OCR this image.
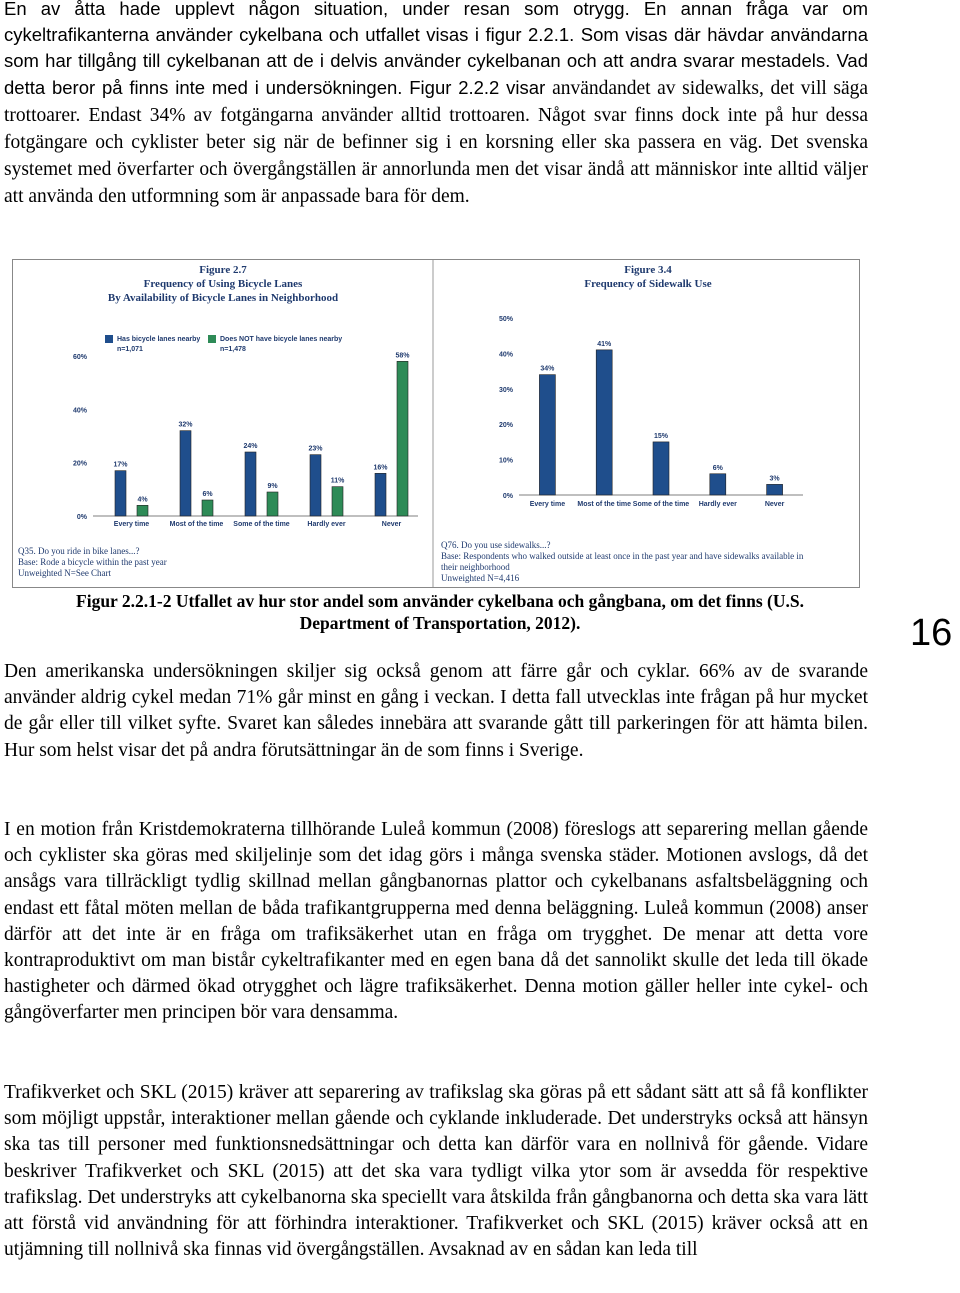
En av åtta hade upplevt någon situation, under resan som otrygg. En annan fråga var om cykeltrafikanterna använder cykelbana och utfallet visas i figur 2.2.1. Som visas där hävdar användarna som har tillgång till cykelbanan att de i delvis använder cykelbanan och att andra svarar mestadels. Vad detta beror på finns inte med i undersökningen. Figur 2.2.2 visar användandet av sidewalks, det vill säga trottoarer. Endast 34% av fotgängarna använder alltid trottoaren. Något svar finns dock inte på hur dessa fotgängare och cyklister beter sig när de befinner sig i en korsning eller ska passera en väg. Det svenska systemet med överfarter och övergångställen är annorlunda men det visar ändå att människor inte alltid väljer att använda den utformning som är anpassade bara för dem.

Figure 2.7
Frequency of Using Bicycle Lanes
By Availability of Bicycle Lanes in Neighborhood
0%
20%
40%
60%
Every time	Most of the time Some of the time	Hardly ever	Never
Has bicycle lanes nearby
n=1,071
Does NOT have bicycle lanes nearby
n=1,478
17%
4%
32%
6%
24%
9%
23%
11%
16%
58%
Q35. Do you ride in bike lanes...?
Base: Rode a bicycle within the past year
Unweighted N=See Chart
Figure 3.4
Frequency of Sidewalk Use
0%
10%
20%
30%
40%
50%
Every time Most of the time Some of the time Hardly ever	Never
34%
41%
15%
6%
3%
Q76. Do you use sidewalks...?
Base: Respondents who walked outside at least once in the past year and have sidewalks available in
their neighborhood
Unweighted N=4,416
Figur 2.2.1-2 Utfallet av hur stor andel som använder cykelbana och gångbana, om det finns (U.S.
Department of Transportation, 2012).	16

Den amerikanska undersökningen skiljer sig också genom att färre går och cyklar. 66% av de svarande använder aldrig cykel medan 71% går minst en gång i veckan. I detta fall utvecklas inte frågan på hur mycket de går eller till vilket syfte. Svaret kan således innebära att svarande gått till parkeringen för att hämta bilen. Hur som helst visar det på andra förutsättningar än de som finns i Sverige.

I en motion från Kristdemokraterna tillhörande Luleå kommun (2008) föreslogs att separering mellan gående och cyklister ska göras med skiljelinje som det idag görs i många svenska städer. Motionen avslogs, då det ansågs vara tillräckligt tydlig skillnad mellan gångbanornas plattor och cykelbanans asfaltsbeläggning och endast ett fåtal möten mellan de båda trafikantgrupperna med denna beläggning. Luleå kommun (2008) anser därför att det inte är en fråga om trafiksäkerhet utan en fråga om trygghet. De menar att detta vore kontraproduktivt om man bistår cykeltrafikanter med en egen bana då det sannolikt skulle det leda till ökade hastigheter och därmed ökad otrygghet och lägre trafiksäkerhet. Denna motion gäller heller inte cykel- och gångöverfarter men principen bör vara densamma.

Trafikverket och SKL (2015) kräver att separering av trafikslag ska göras på ett sådant sätt att så få konflikter som möjligt uppstår, interaktioner mellan gående och cyklande inkluderade. Det understryks också att hänsyn ska tas till personer med funktionsnedsättningar och detta kan därför vara en nollnivå för gående. Vidare beskriver Trafikverket och SKL (2015) att det ska vara tydligt vilka ytor som är avsedda för respektive trafikslag. Det understryks att cykelbanorna ska speciellt vara åtskilda från gångbanorna och detta ska vara lätt att förstå vid användning för att förhindra interaktioner. Trafikverket och SKL (2015) kräver också att en utjämning till nollnivå ska finnas vid övergångställen. Avsaknad av en sådan kan leda till
